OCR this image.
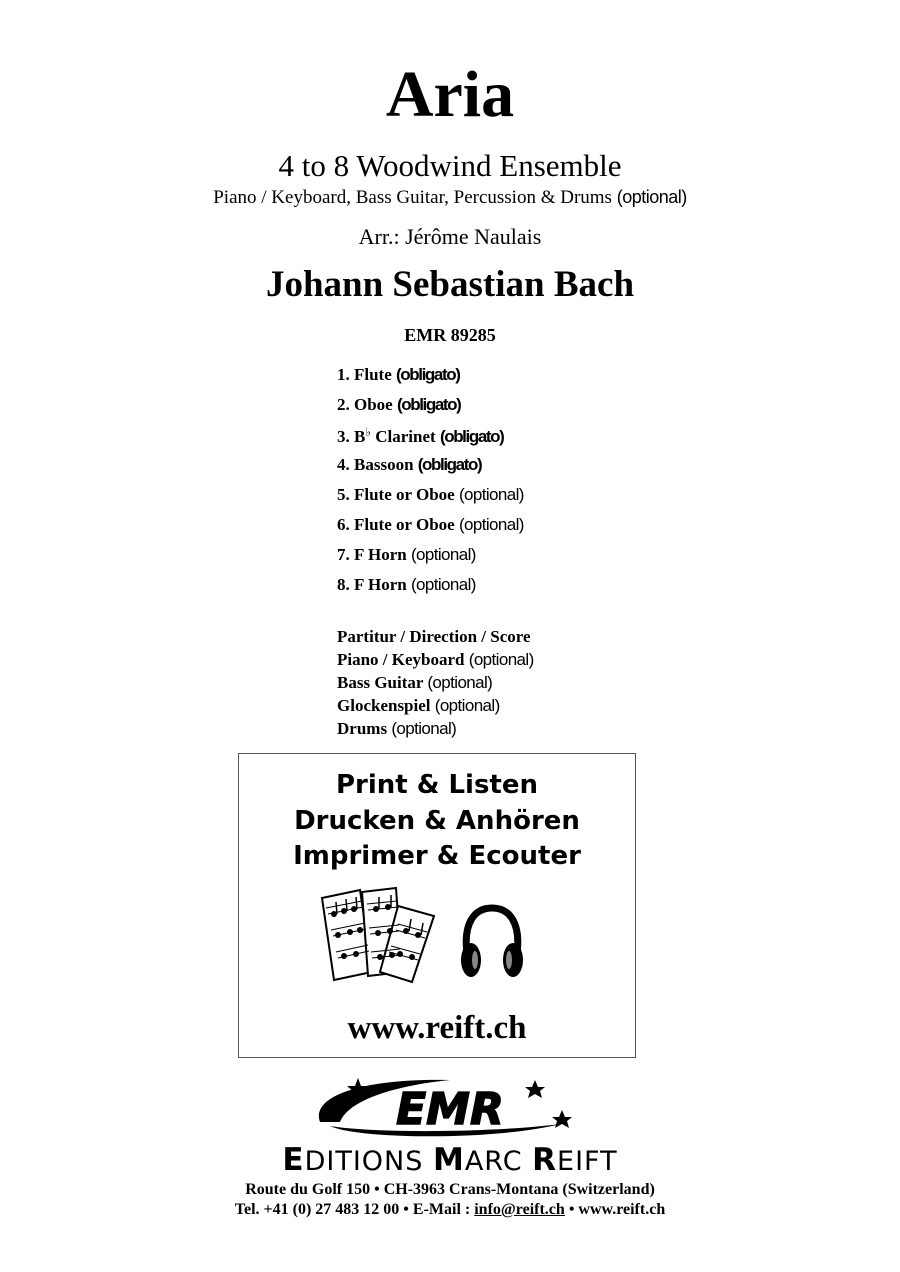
Aria
4 to 8 Woodwind Ensemble
Piano / Keyboard, Bass Guitar, Percussion & Drums (optional)
Arr.: Jérôme Naulais
Johann Sebastian Bach
EMR 89285
1. Flute (obligato)
2. Oboe (obligato)
3. B♭ Clarinet (obligato)
4. Bassoon (obligato)
5. Flute or Oboe (optional)
6. Flute or Oboe (optional)
7. F Horn (optional)
8. F Horn (optional)
Partitur / Direction / Score
Piano / Keyboard (optional)
Bass Guitar (optional)
Glockenspiel (optional)
Drums (optional)
Print & Listen
Drucken & Anhören
Imprimer & Ecouter
www.reift.ch
EMR
EDITIONS MARC REIFT
Route du Golf 150 • CH-3963 Crans-Montana (Switzerland)
Tel. +41 (0) 27 483 12 00 • E-Mail : info@reift.ch • www.reift.ch
